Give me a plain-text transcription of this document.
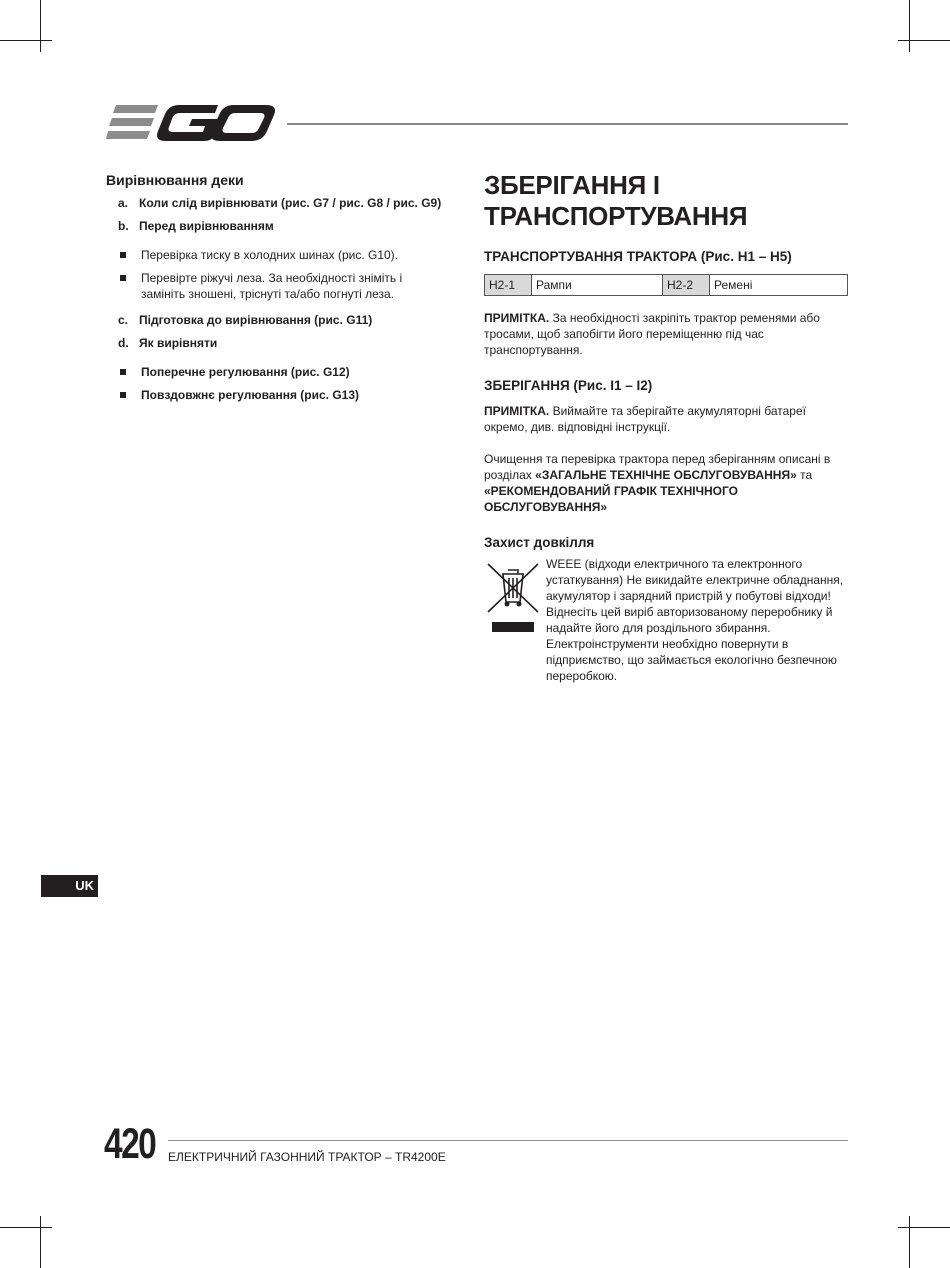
Вирівнювання деки
a. Коли слід вирівнювати (рис. G7 / рис. G8 / рис. G9)
b. Перед вирівнюванням
Перевірка тиску в холодних шинах (рис. G10).
Перевірте ріжучі леза. За необхідності зніміть і замініть зношені, тріснуті та/або погнуті леза.
c. Підготовка до вирівнювання (рис. G11)
d. Як вирівняти
Поперечне регулювання (рис. G12)
Повздовжнє регулювання (рис. G13)
ЗБЕРІГАННЯ І
ТРАНСПОРТУВАННЯ
ТРАНСПОРТУВАННЯ ТРАКТОРА (Рис. H1 – H5)
H2-1	Рампи	H2-2	Ремені
ПРИМІТКА. За необхідності закріпіть трактор ременями або тросами, щоб запобігти його переміщенню під час транспортування.
ЗБЕРІГАННЯ (Рис. I1 – I2)
ПРИМІТКА. Виймайте та зберігайте акумуляторні батареї окремо, див. відповідні інструкції.
Очищення та перевірка трактора перед зберіганням описані в розділах «ЗАГАЛЬНЕ ТЕХНІЧНЕ ОБСЛУГОВУВАННЯ» та «РЕКОМЕНДОВАНИЙ ГРАФІК ТЕХНІЧНОГО ОБСЛУГОВУВАННЯ»
Захист довкілля
WEEE (відходи електричного та електронного устаткування) Не викидайте електричне обладнання, акумулятор і зарядний пристрій у побутові відходи! Віднесіть цей виріб авторизованому переробнику й надайте його для роздільного збирання. Електроінструменти необхідно повернути в підприємство, що займається екологічно безпечною переробкою.
UK
420 ЕЛЕКТРИЧНИЙ ГАЗОННИЙ ТРАКТОР – TR4200E
